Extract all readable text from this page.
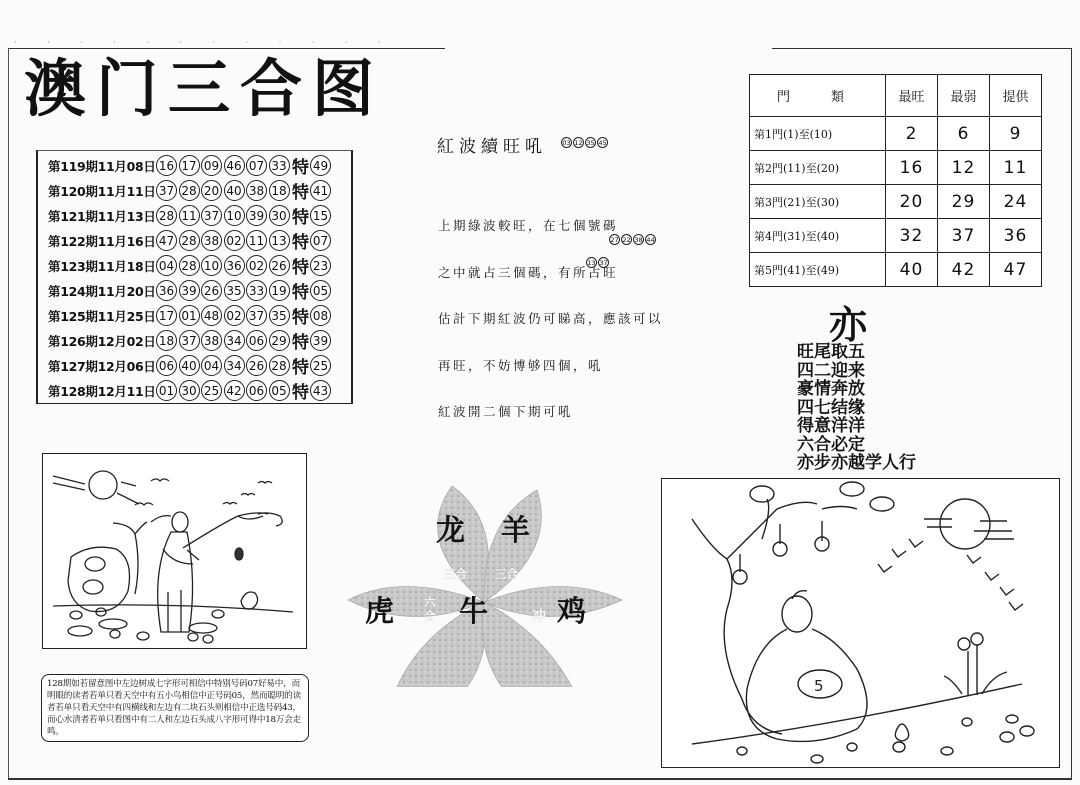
· · · · · · · · · · · ·
澳门三合图
第119期11月08日 16 17 09 46 07 33 特 49
第120期11月11日 37 28 20 40 38 18 特 41
第121期11月13日 28 11 37 10 39 30 特 15
第122期11月16日 47 28 38 02 11 13 特 07
第123期11月18日 04 28 10 36 02 26 特 23
第124期11月20日 36 39 26 35 33 19 特 05
第125期11月25日 17 01 48 02 37 35 特 08
第126期12月02日 18 37 38 34 06 29 特 39
第127期12月06日 06 40 04 34 26 28 特 25
第128期12月11日 01 30 25 42 06 05 特 43
紅波續旺吼 03 12 35 45

上期綠波較旺，在七個號碼

之中就占三個碼，有所占旺

估計下期紅波仍可睇高，應該可以

再旺，不妨博够四個，吼

紅波開二個下期可吼

27 22 38 44
13 37
門　類	最旺	最弱	提供
第1門(1)至(10)	2	6	9
第2門(11)至(20)	16	12	11
第3門(21)至(30)	20	29	24
第4門(31)至(40)	32	37	36
第5門(41)至(49)	40	42	47
亦
旺尾取五
四二迎来
豪情奔放
四七结缘
得意洋洋
六合必定
亦步亦越学人行
5
龙 羊
虎 牛 鸡
三合 三合
六合	冲
128期如若留意图中左边树成七字形可相信中特别号码07好易中，而明眼的读者若单只看天空中有五小鸟相信中正号码05，然而聪明的读者若单只看天空中有四横线和左边有二块石头则相信中正选号码43，而心水清者若单只看图中有二人和左边石头成八字形可得中18万会走鸣。
